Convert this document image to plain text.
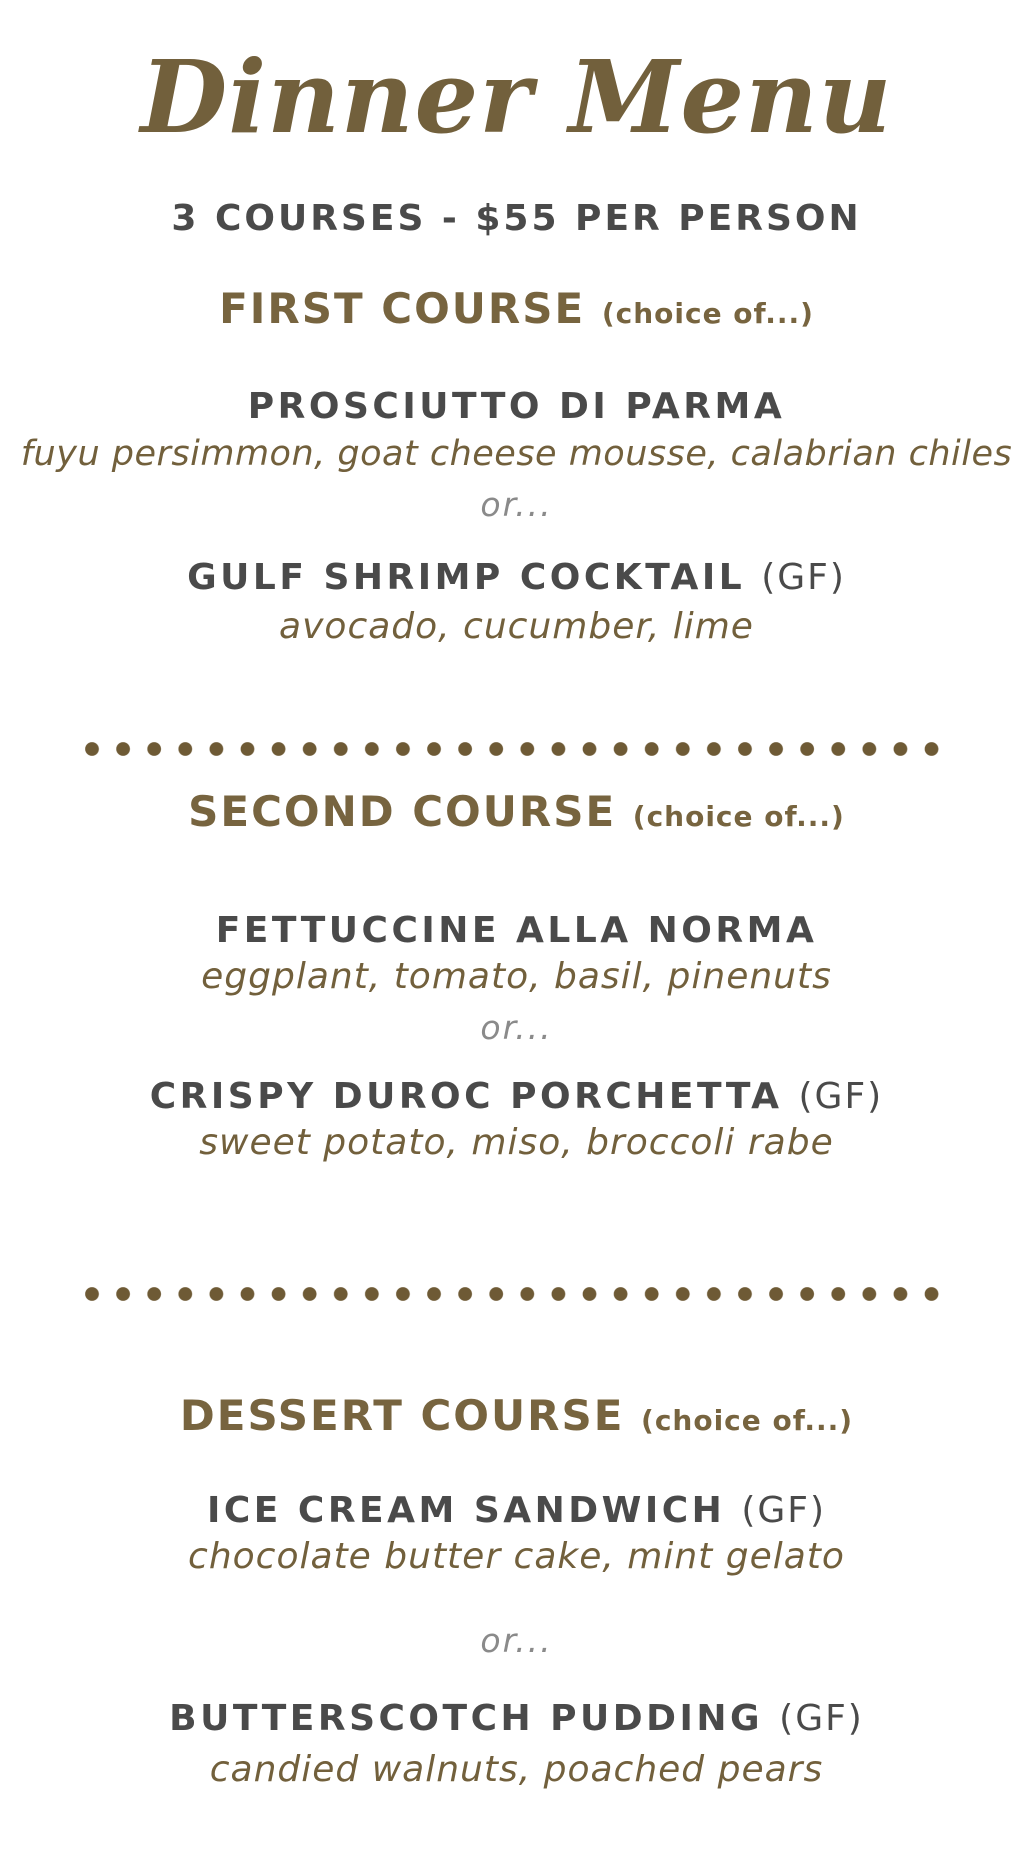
Dinner Menu
3 COURSES - $55 PER PERSON
FIRST COURSE (choice of...)
PROSCIUTTO DI PARMA
fuyu persimmon, goat cheese mousse, calabrian chiles
or...
GULF SHRIMP COCKTAIL (GF)
avocado, cucumber, lime
SECOND COURSE (choice of...)
FETTUCCINE ALLA NORMA
eggplant, tomato, basil, pinenuts
or...
CRISPY DUROC PORCHETTA (GF)
sweet potato, miso, broccoli rabe
DESSERT COURSE (choice of...)
ICE CREAM SANDWICH (GF)
chocolate butter cake, mint gelato
or...
BUTTERSCOTCH PUDDING (GF)
candied walnuts, poached pears
